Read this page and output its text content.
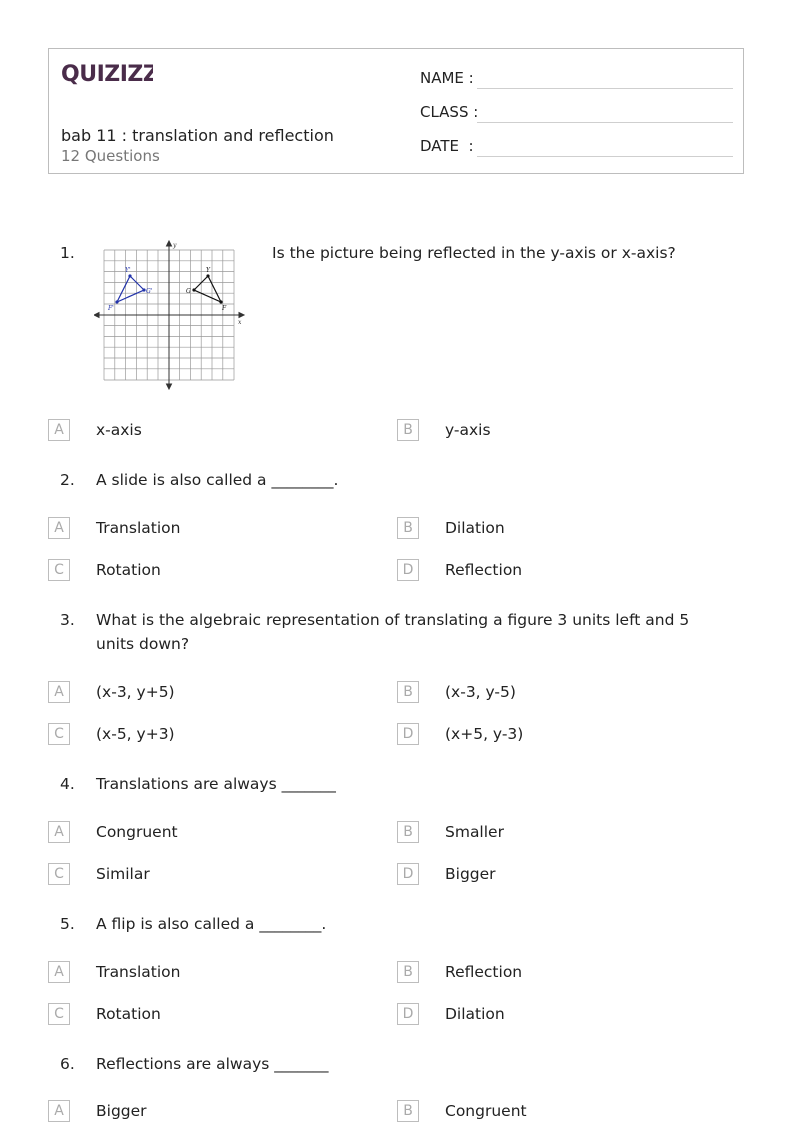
QUIZIZZ
bab 11 : translation and reflection
12 Questions
NAME :
CLASS :
DATE  :
1.	Is the picture being reflected in the y-axis or x-axis?
y
x
Y'
G'
F'
Y
G
F
A	x-axis	B	y-axis
2. A slide is also called a ________.
A	Translation	B	Dilation
C	Rotation	D	Reflection
3. What is the algebraic representation of translating a figure 3 units left and 5 units down?
A	(x-3, y+5)	B	(x-3, y-5)
C	(x-5, y+3)	D	(x+5, y-3)
4. Translations are always _______
A	Congruent	B	Smaller
C	Similar	D	Bigger
5. A flip is also called a ________.
A	Translation	B	Reflection
C	Rotation	D	Dilation
6. Reflections are always _______
A	Bigger	B	Congruent
